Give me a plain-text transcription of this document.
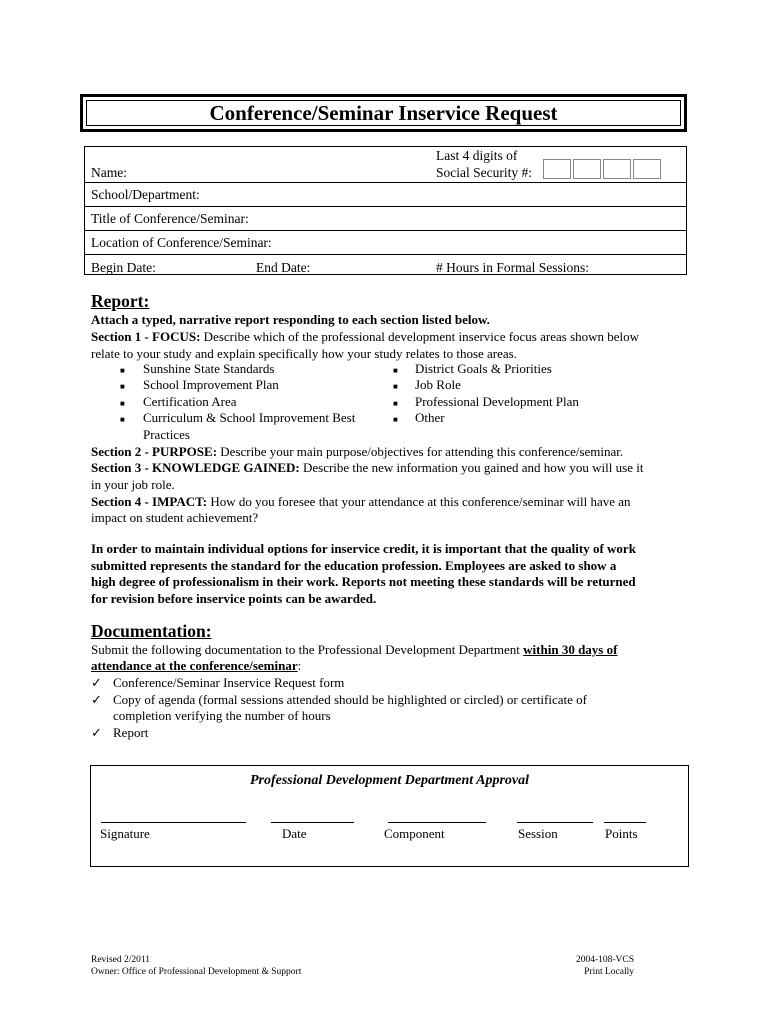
Conference/Seminar Inservice Request
Name:
Last 4 digits of
Social Security #:
School/Department:
Title of Conference/Seminar:
Location of Conference/Seminar:
Begin Date:	End Date:	# Hours in Formal Sessions:
Report:
Attach a typed, narrative report responding to each section listed below.
Section 1 - FOCUS: Describe which of the professional development inservice focus areas shown below
relate to your study and explain specifically how your study relates to those areas.
■ Sunshine State Standards
■ School Improvement Plan
■ Certification Area
■ Curriculum & School Improvement Best
Practices
■ District Goals & Priorities
■ Job Role
■ Professional Development Plan
■ Other
Section 2 - PURPOSE: Describe your main purpose/objectives for attending this conference/seminar.
Section 3 - KNOWLEDGE GAINED: Describe the new information you gained and how you will use it
in your job role.
Section 4 - IMPACT: How do you foresee that your attendance at this conference/seminar will have an
impact on student achievement?
In order to maintain individual options for inservice credit, it is important that the quality of work
submitted represents the standard for the education profession. Employees are asked to show a
high degree of professionalism in their work. Reports not meeting these standards will be returned
for revision before inservice points can be awarded.
Documentation:
Submit the following documentation to the Professional Development Department within 30 days of
attendance at the conference/seminar:
✓ Conference/Seminar Inservice Request form
✓ Copy of agenda (formal sessions attended should be highlighted or circled) or certificate of
completion verifying the number of hours
✓ Report
Professional Development Department Approval
Signature	Date	Component	Session	Points
Revised 2/2011
Owner: Office of Professional Development & Support
2004-108-VCS
Print Locally
